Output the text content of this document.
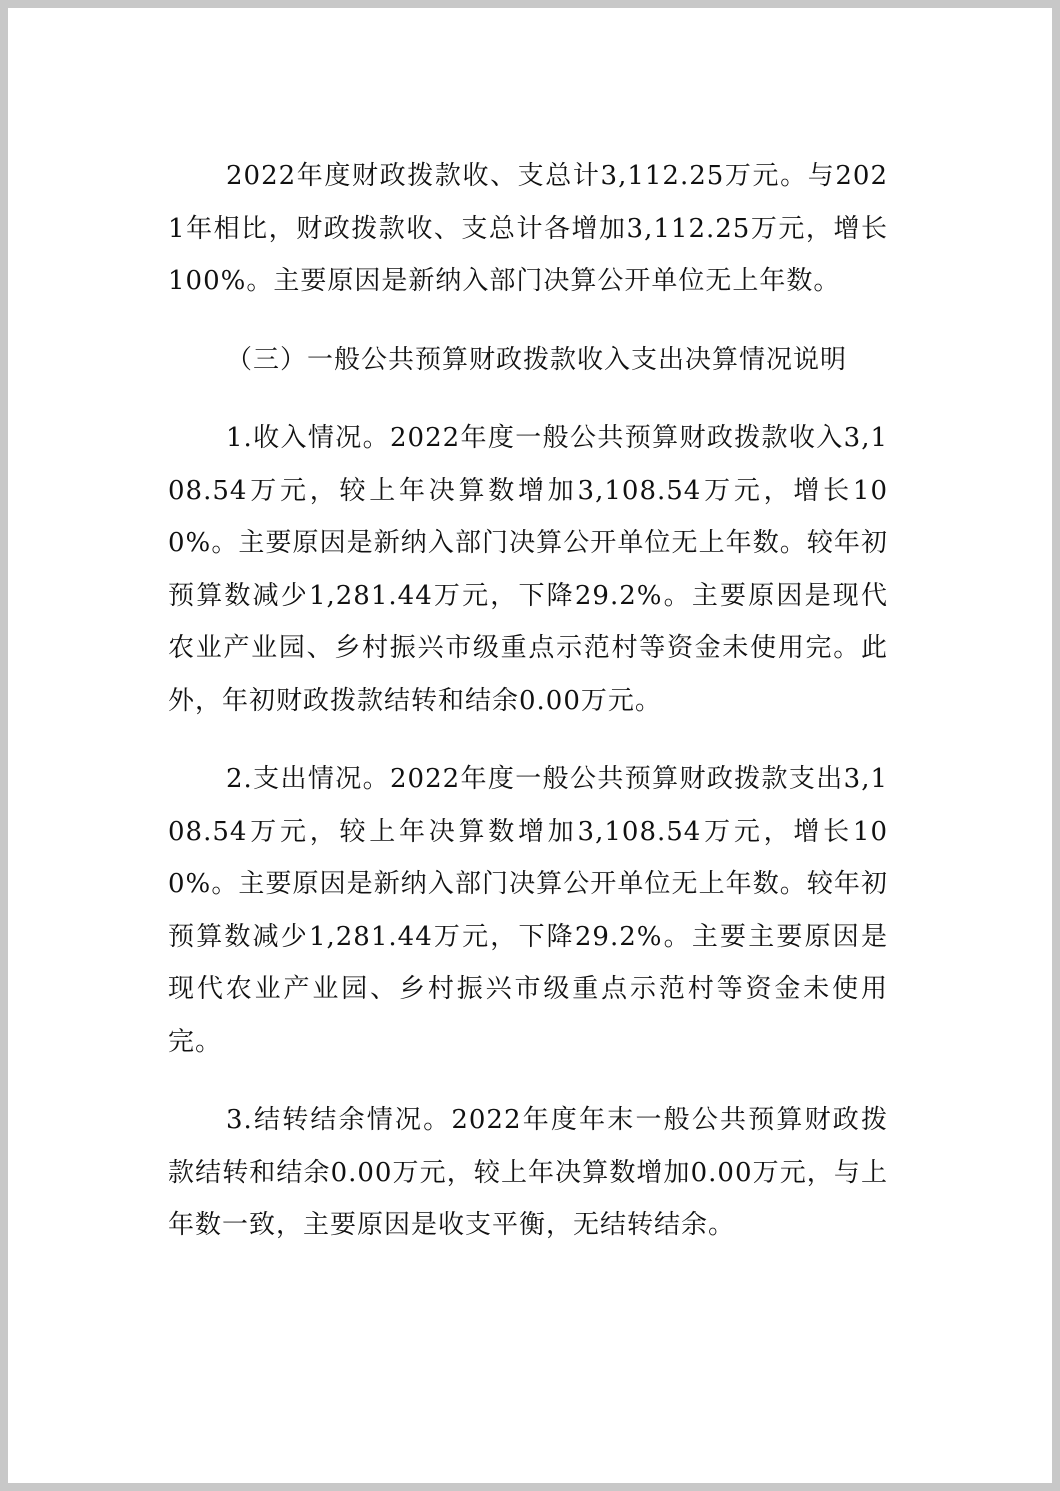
2022年度财政拨款收、支总计3,112.25万元。与2021年相比，财政拨款收、支总计各增加3,112.25万元，增长100%。主要原因是新纳入部门决算公开单位无上年数。

（三）一般公共预算财政拨款收入支出决算情况说明

1.收入情况。2022年度一般公共预算财政拨款收入3,108.54万元，较上年决算数增加3,108.54万元，增长100%。主要原因是新纳入部门决算公开单位无上年数。较年初预算数减少1,281.44万元，下降29.2%。主要原因是现代农业产业园、乡村振兴市级重点示范村等资金未使用完。此外，年初财政拨款结转和结余0.00万元。

2.支出情况。2022年度一般公共预算财政拨款支出3,108.54万元，较上年决算数增加3,108.54万元，增长100%。主要原因是新纳入部门决算公开单位无上年数。较年初预算数减少1,281.44万元，下降29.2%。主要主要原因是现代农业产业园、乡村振兴市级重点示范村等资金未使用完。

3.结转结余情况。2022年度年末一般公共预算财政拨款结转和结余0.00万元，较上年决算数增加0.00万元，与上年数一致，主要原因是收支平衡，无结转结余。
